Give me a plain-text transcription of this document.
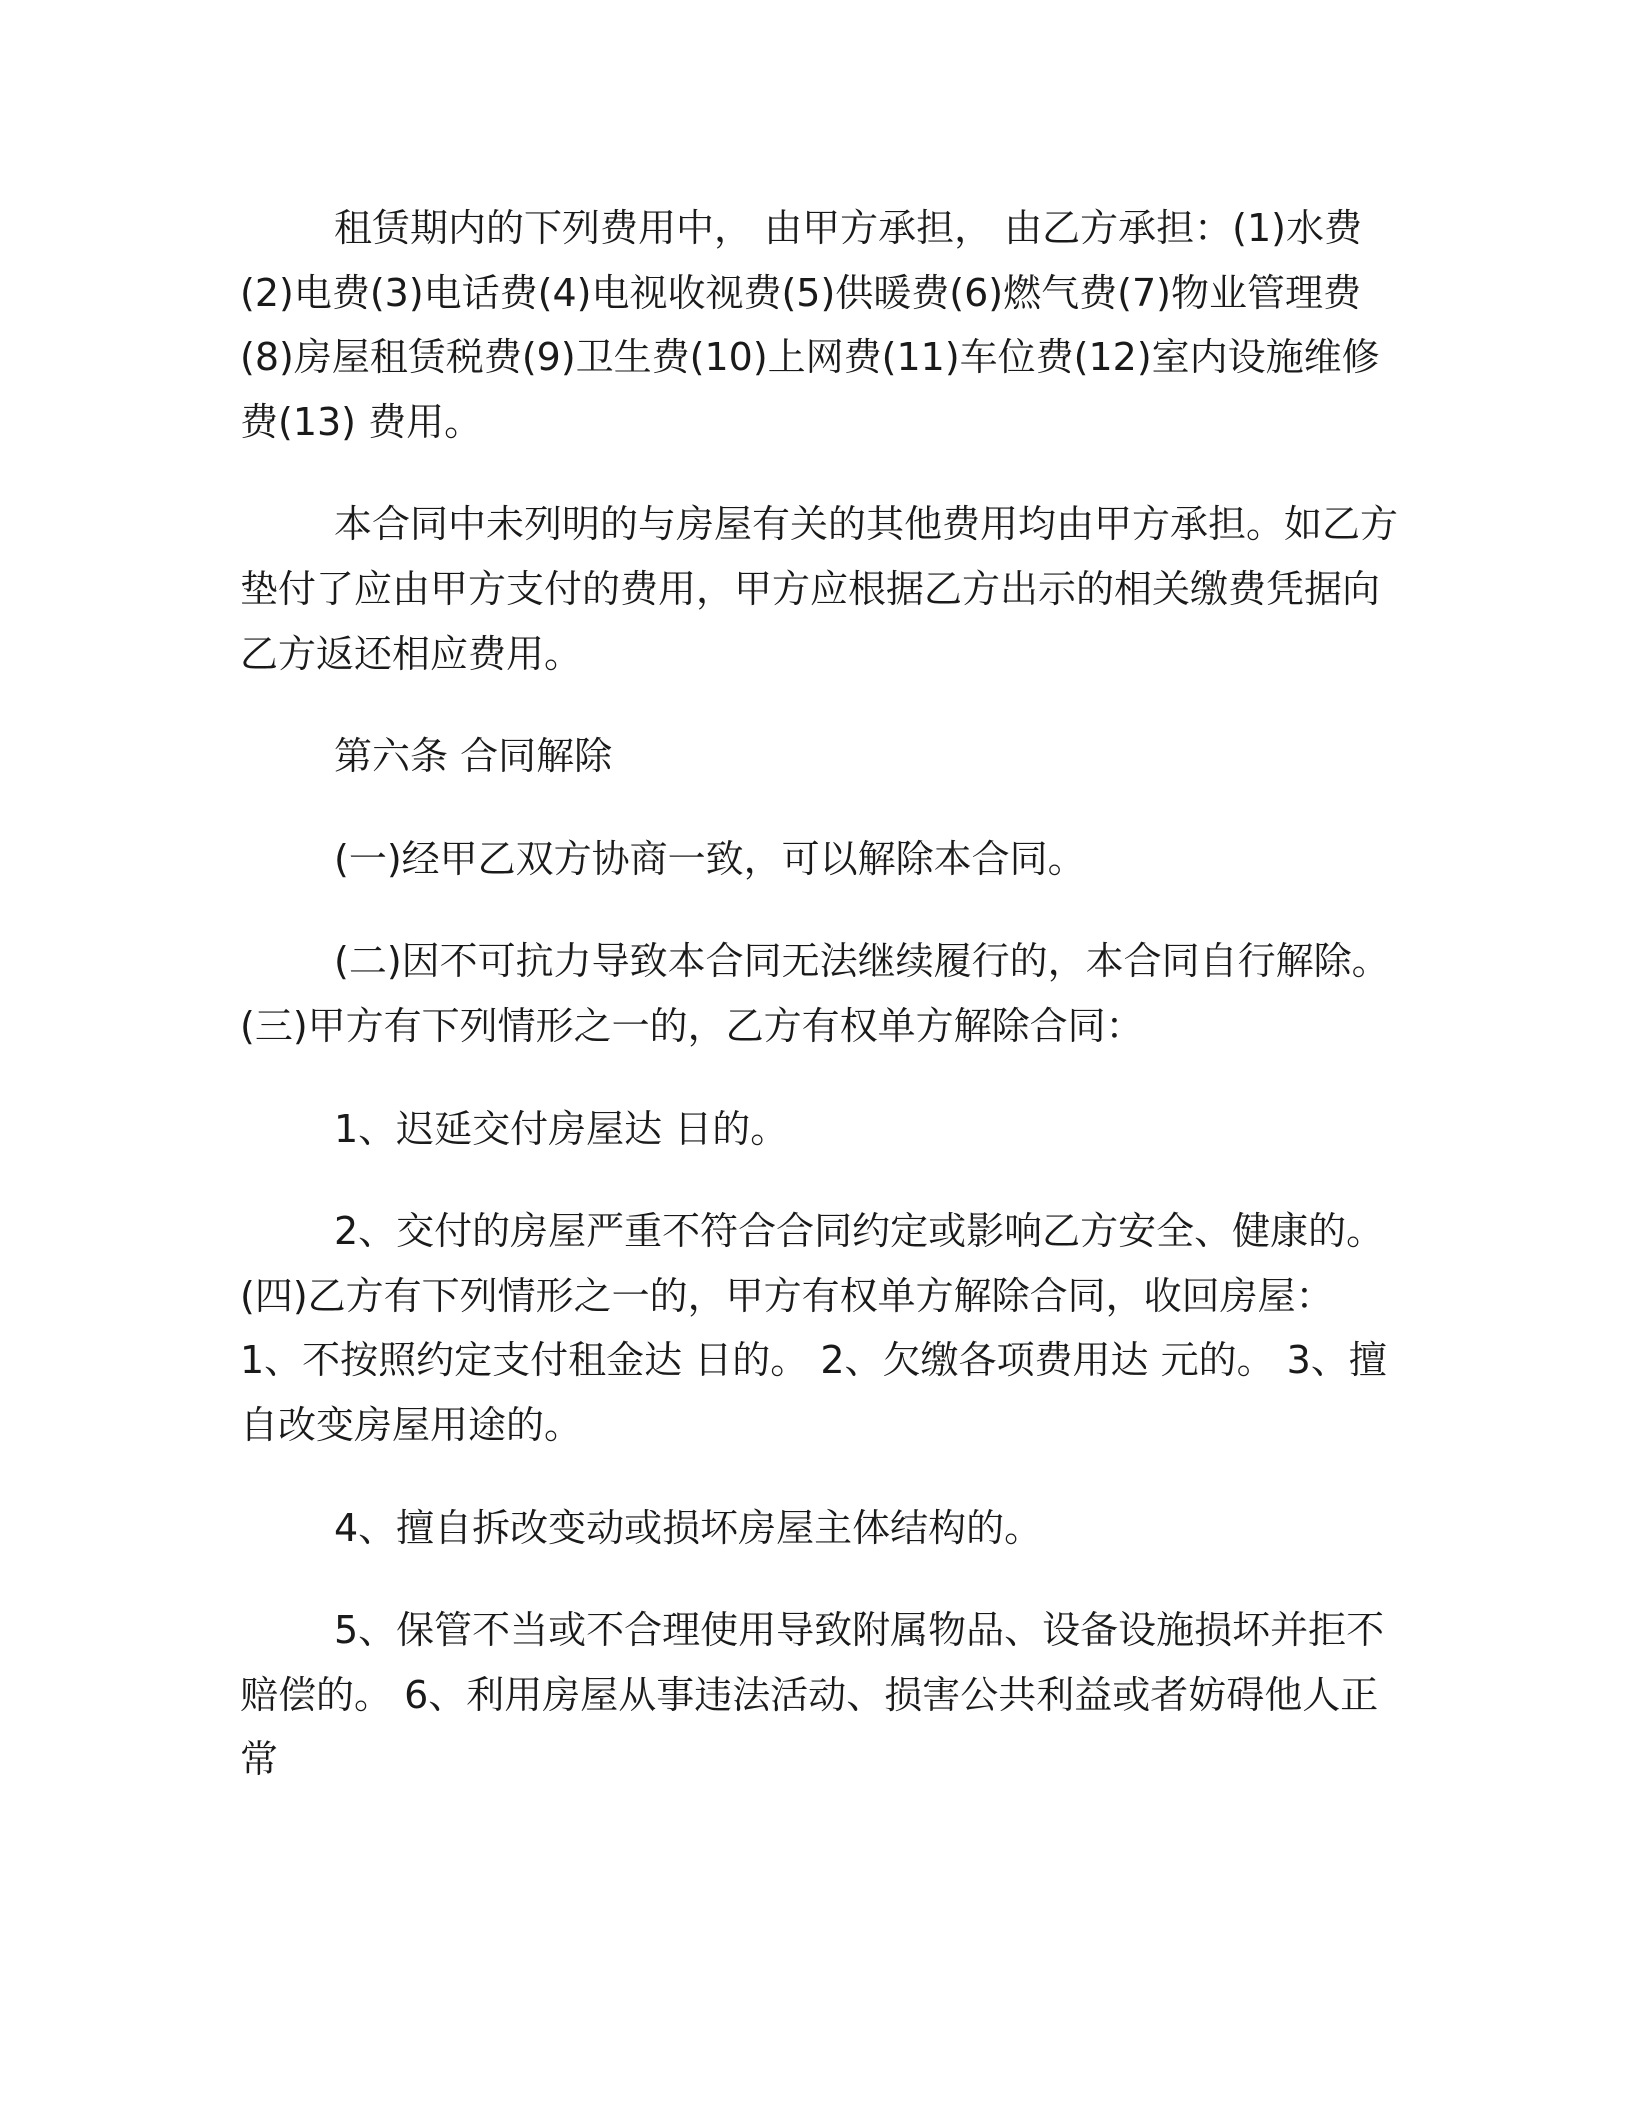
租赁期内的下列费用中， 由甲方承担， 由乙方承担：(1)水费(2)电费(3)电话费(4)电视收视费(5)供暖费(6)燃气费(7)物业管理费(8)房屋租赁税费(9)卫生费(10)上网费(11)车位费(12)室内设施维修费(13) 费用。

本合同中未列明的与房屋有关的其他费用均由甲方承担。如乙方垫付了应由甲方支付的费用，甲方应根据乙方出示的相关缴费凭据向乙方返还相应费用。

第六条 合同解除

(一)经甲乙双方协商一致，可以解除本合同。

(二)因不可抗力导致本合同无法继续履行的，本合同自行解除。

(三)甲方有下列情形之一的，乙方有权单方解除合同：

1、迟延交付房屋达 日的。

2、交付的房屋严重不符合合同约定或影响乙方安全、健康的。

(四)乙方有下列情形之一的，甲方有权单方解除合同，收回房屋： 1、不按照约定支付租金达 日的。 2、欠缴各项费用达 元的。 3、擅自改变房屋用途的。

4、擅自拆改变动或损坏房屋主体结构的。

5、保管不当或不合理使用导致附属物品、设备设施损坏并拒不赔偿的。 6、利用房屋从事违法活动、损害公共利益或者妨碍他人正常
